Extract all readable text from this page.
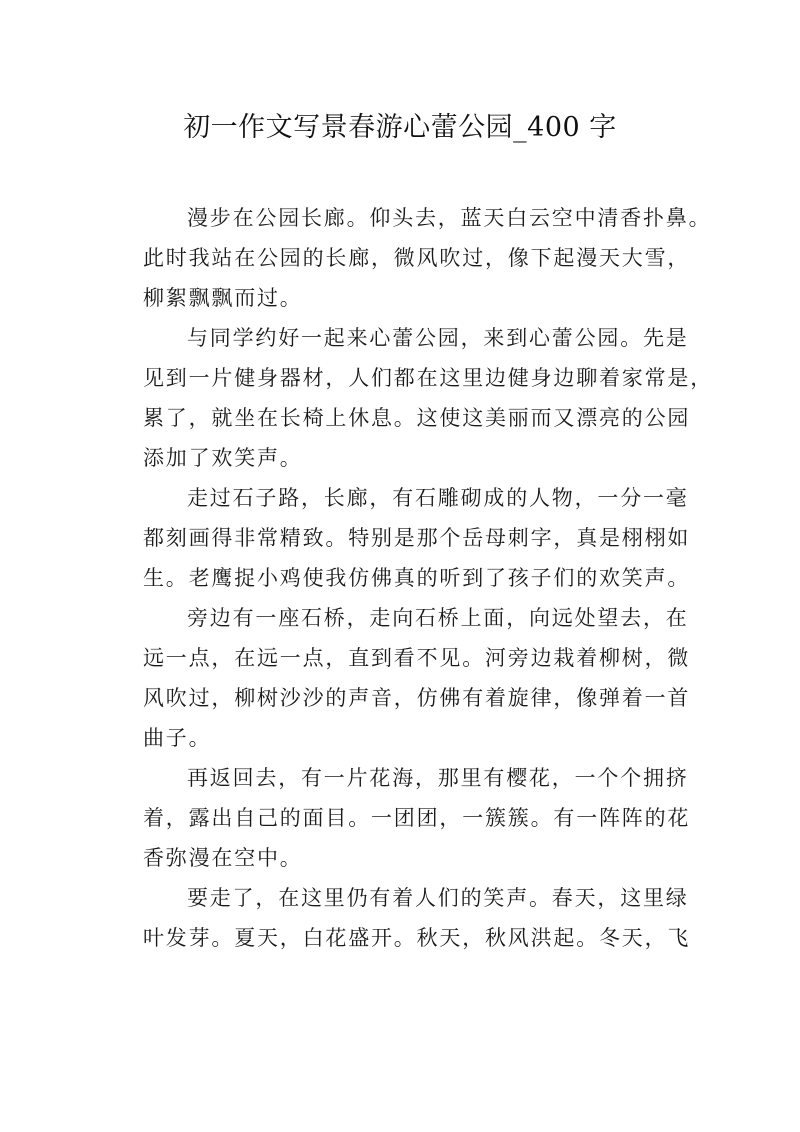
初一作文写景春游心蕾公园_400 字
漫步在公园长廊。仰头去，蓝天白云空中清香扑鼻。
此时我站在公园的长廊，微风吹过，像下起漫天大雪，
柳絮飘飘而过。
与同学约好一起来心蕾公园，来到心蕾公园。先是
见到一片健身器材，人们都在这里边健身边聊着家常是，
累了，就坐在长椅上休息。这使这美丽而又漂亮的公园
添加了欢笑声。
走过石子路，长廊，有石雕砌成的人物，一分一毫
都刻画得非常精致。特别是那个岳母刺字，真是栩栩如
生。老鹰捉小鸡使我仿佛真的听到了孩子们的欢笑声。
旁边有一座石桥，走向石桥上面，向远处望去，在
远一点，在远一点，直到看不见。河旁边栽着柳树，微
风吹过，柳树沙沙的声音，仿佛有着旋律，像弹着一首
曲子。
再返回去，有一片花海，那里有樱花，一个个拥挤
着，露出自己的面目。一团团，一簇簇。有一阵阵的花
香弥漫在空中。
要走了，在这里仍有着人们的笑声。春天，这里绿
叶发芽。夏天，白花盛开。秋天，秋风洪起。冬天，飞
